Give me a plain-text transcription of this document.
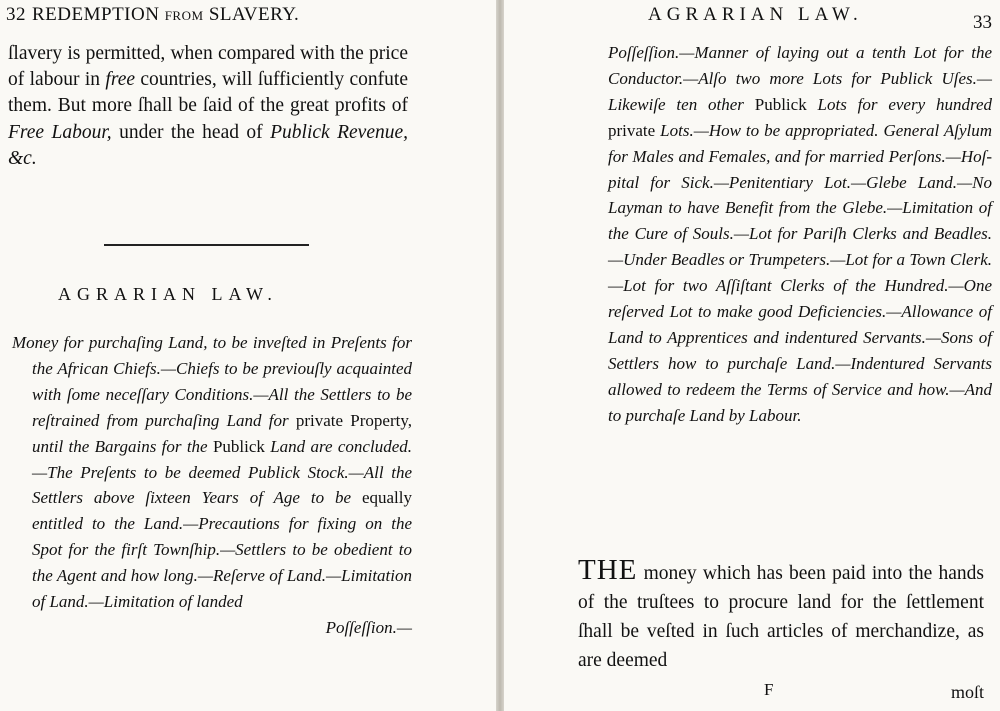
32 REDEMPTION FROM SLAVERY.

ſlavery is permitted, when compared with the price of labour in free countries, will ſufficiently confute them. But more ſhall be ſaid of the great profits of Free Labour, under the head of Publick Revenue, &c.

AGRARIAN LAW.
Money for purchaſing Land, to be inveſted in Preſents for the African Chiefs.—Chiefs to be previouſly acquainted with ſome neceſſary Conditions.—All the Settlers to be reſtrained from purchaſing Land for private Property, until the Bargains for the Publick Land are concluded.—The Preſents to be deemed Publick Stock.—All the Settlers above ſixteen Years of Age to be equally entitled to the Land.—Precautions for fixing on the Spot for the firſt Townſhip.—Settlers to be obedient to the Agent and how long.—Reſerve of Land.—Limitation of Land.—Limitation of landed
Poſſeſſion.—
AGRARIAN LAW.	33
Poſſeſſion.—Manner of laying out a tenth Lot for the Conductor.—Alſo two more Lots for Publick Uſes.—Likewiſe ten other Publick Lots for every hundred private Lots.—How to be appropriated. General Aſylum for Males and Females, and for married Perſons.—Hoſpital for Sick.—Penitentiary Lot.—Glebe Land.—No Layman to have Benefit from the Glebe.—Limitation of the Cure of Souls.—Lot for Pariſh Clerks and Beadles.—Under Beadles or Trumpeters.—Lot for a Town Clerk.—Lot for two Aſſiſtant Clerks of the Hundred.—One reſerved Lot to make good Deficiencies.—Allowance of Land to Apprentices and indentured Servants.—Sons of Settlers how to purchaſe Land.—Indentured Servants allowed to redeem the Terms of Service and how.—And to purchaſe Land by Labour.
THE money which has been paid into the hands of the truſtees to procure land for the ſettlement ſhall be veſted in ſuch articles of merchandize, as are deemed
F	moſt
